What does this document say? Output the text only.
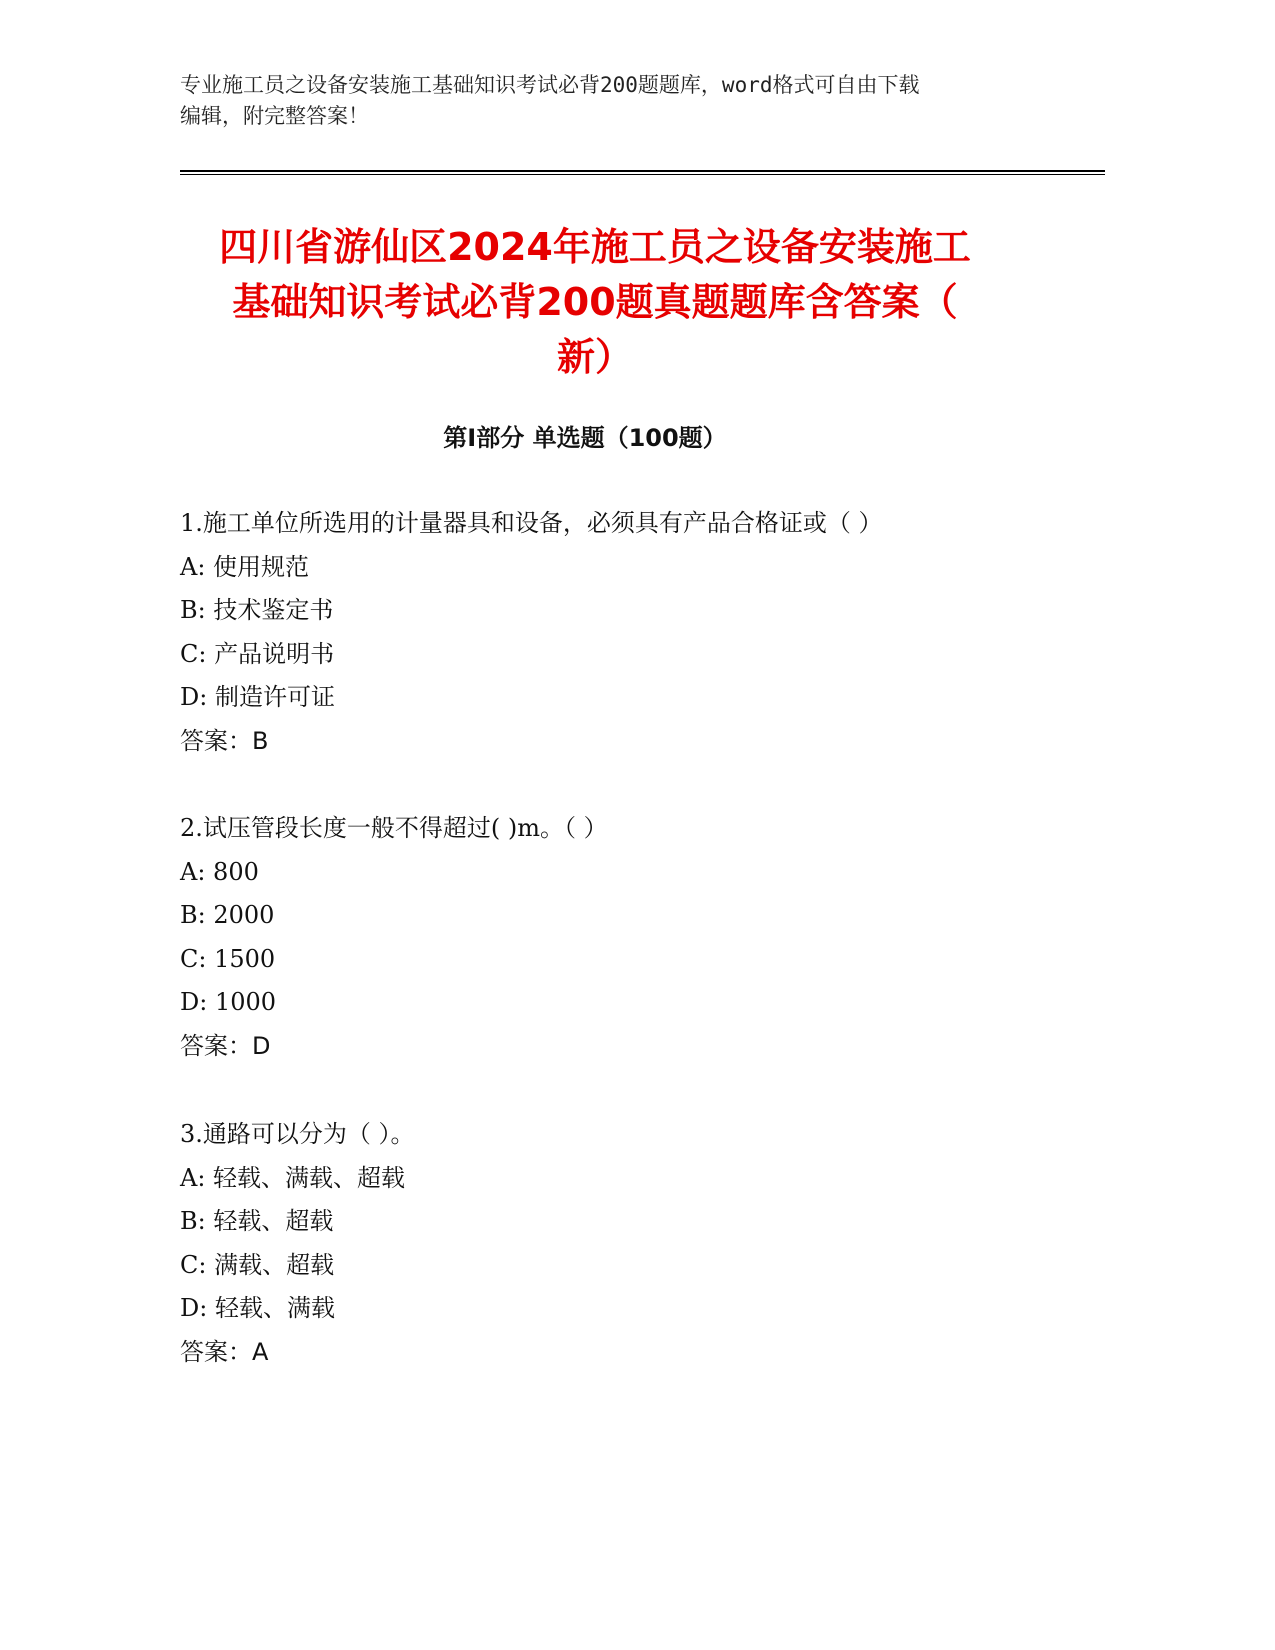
专业施工员之设备安装施工基础知识考试必背200题题库，word格式可自由下载
编辑，附完整答案！
四川省游仙区2024年施工员之设备安装施工
基础知识考试必背200题真题题库含答案（
新）
第Ⅰ部分 单选题（100题）
1.施工单位所选用的计量器具和设备，必须具有产品合格证或（ ）
A: 使用规范
B: 技术鉴定书
C: 产品说明书
D: 制造许可证
答案：B
2.试压管段长度一般不得超过( )m。（ ）
A: 800
B: 2000
C: 1500
D: 1000
答案：D
3.通路可以分为（ ）。
A: 轻载、满载、超载
B: 轻载、超载
C: 满载、超载
D: 轻载、满载
答案：A
